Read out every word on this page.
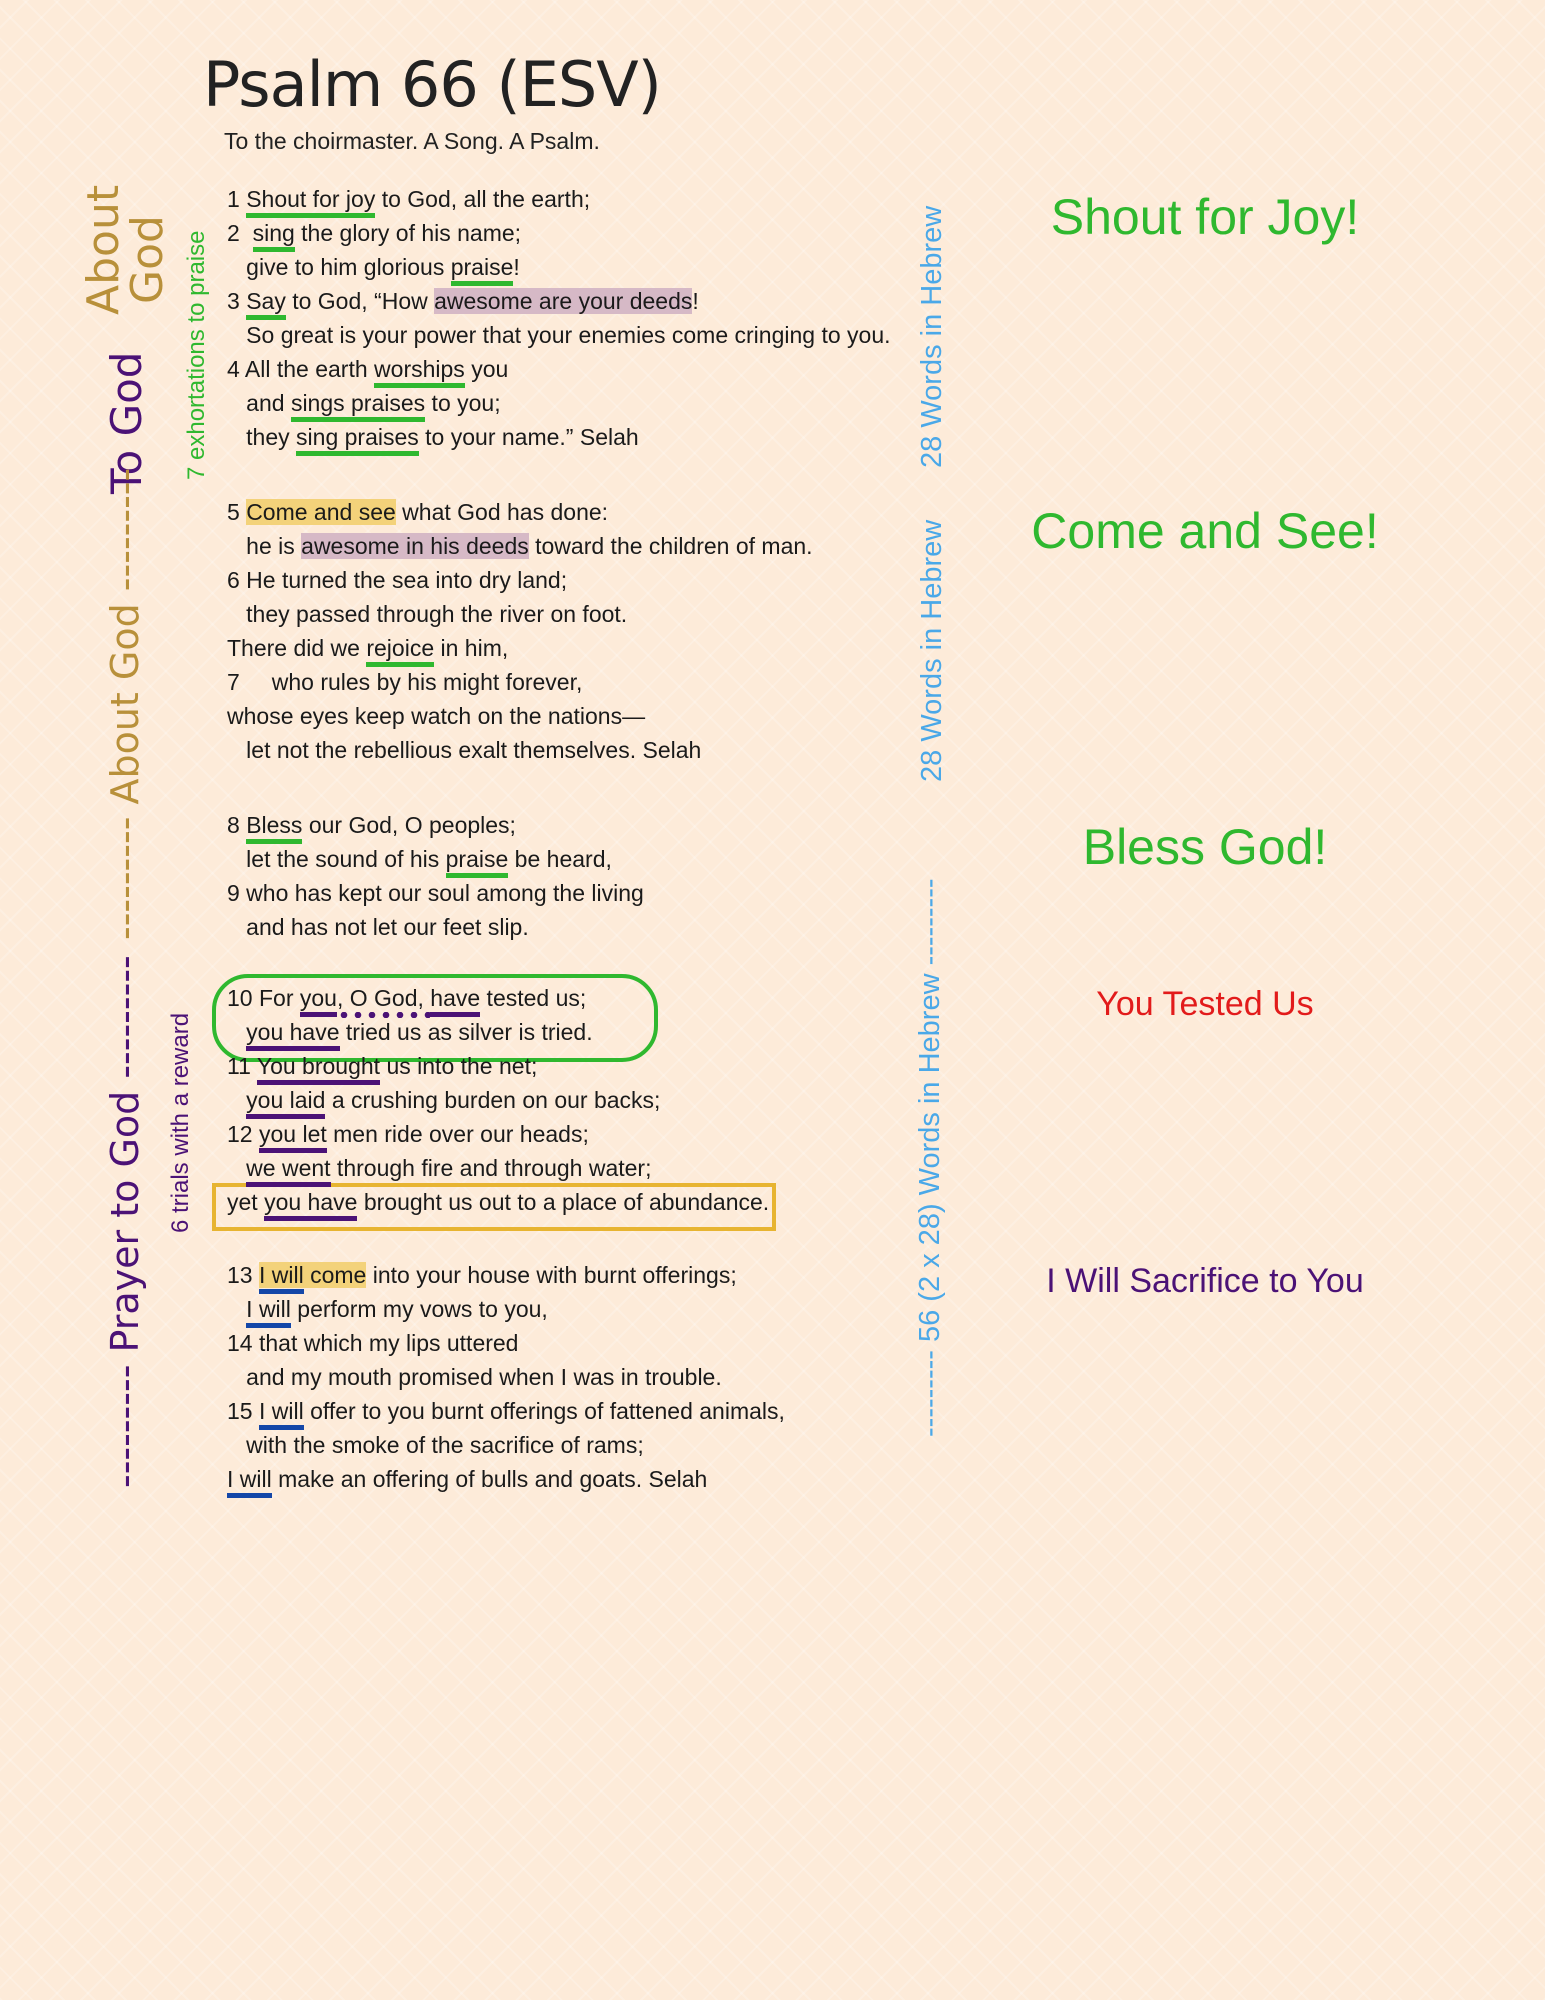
Psalm 66 (ESV)
To the choirmaster. A Song. A Psalm.
About God
To God
--------- About God ---------
--------- Prayer to God ---------
7 exhortations to praise
6 trials with a reward
28 Words in Hebrew
28 Words in Hebrew
--------- 56 (2 x 28) Words in Hebrew ---------
Shout for Joy!
Come and See!
Bless God!
You Tested Us
I Will Sacrifice to You
1 Shout for joy to God, all the earth;
2  sing the glory of his name;
give to him glorious praise!
3 Say to God, “How awesome are your deeds!
So great is your power that your enemies come cringing to you.
4 All the earth worships you
and sings praises to you;
they sing praises to your name.” Selah
5 Come and see what God has done:
he is awesome in his deeds toward the children of man.
6 He turned the sea into dry land;
they passed through the river on foot.
There did we rejoice in him,
7     who rules by his might forever,
whose eyes keep watch on the nations—
let not the rebellious exalt themselves. Selah
8 Bless our God, O peoples;
let the sound of his praise be heard,
9 who has kept our soul among the living
and has not let our feet slip.
10 For you, O God, have tested us;
you have tried us as silver is tried.
11 You brought us into the net;
you laid a crushing burden on our backs;
12 you let men ride over our heads;
we went through fire and through water;
yet you have brought us out to a place of abundance.
13 I will come into your house with burnt offerings;
I will perform my vows to you,
14 that which my lips uttered
and my mouth promised when I was in trouble.
15 I will offer to you burnt offerings of fattened animals,
with the smoke of the sacrifice of rams;
I will make an offering of bulls and goats. Selah
